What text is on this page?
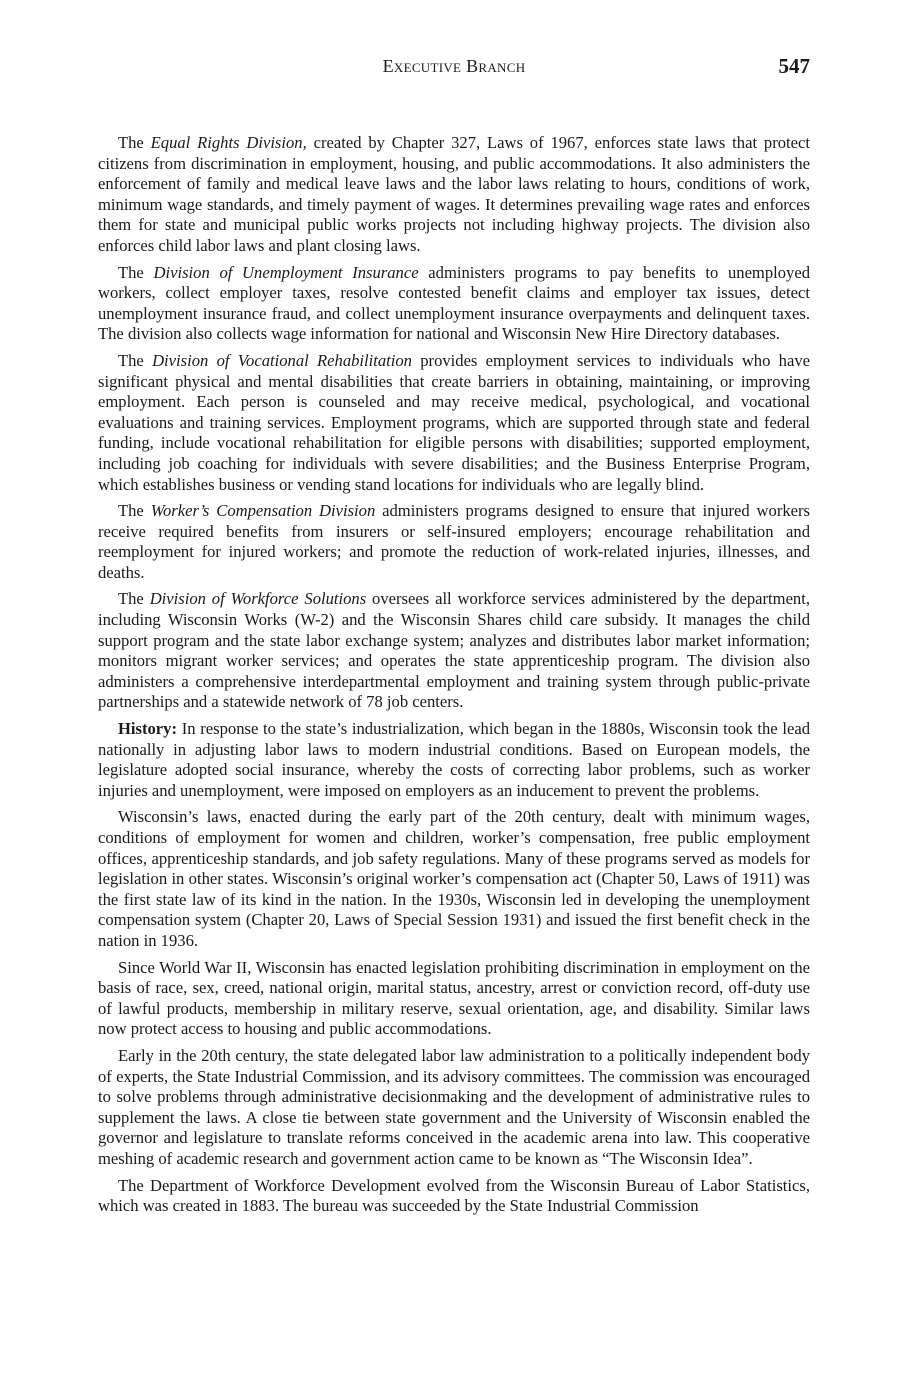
Executive Branch	547

The Equal Rights Division, created by Chapter 327, Laws of 1967, enforces state laws that protect citizens from discrimination in employment, housing, and public accommodations. It also administers the enforcement of family and medical leave laws and the labor laws relating to hours, conditions of work, minimum wage standards, and timely payment of wages. It determines prevailing wage rates and enforces them for state and municipal public works projects not including highway projects. The division also enforces child labor laws and plant closing laws.

The Division of Unemployment Insurance administers programs to pay benefits to unemployed workers, collect employer taxes, resolve contested benefit claims and employer tax issues, detect unemployment insurance fraud, and collect unemployment insurance overpayments and delinquent taxes. The division also collects wage information for national and Wisconsin New Hire Directory databases.

The Division of Vocational Rehabilitation provides employment services to individuals who have significant physical and mental disabilities that create barriers in obtaining, maintaining, or improving employment. Each person is counseled and may receive medical, psychological, and vocational evaluations and training services. Employment programs, which are supported through state and federal funding, include vocational rehabilitation for eligible persons with disabilities; supported employment, including job coaching for individuals with severe disabilities; and the Business Enterprise Program, which establishes business or vending stand locations for individuals who are legally blind.

The Worker’s Compensation Division administers programs designed to ensure that injured workers receive required benefits from insurers or self-insured employers; encourage rehabilitation and reemployment for injured workers; and promote the reduction of work-related injuries, illnesses, and deaths.

The Division of Workforce Solutions oversees all workforce services administered by the department, including Wisconsin Works (W-2) and the Wisconsin Shares child care subsidy. It manages the child support program and the state labor exchange system; analyzes and distributes labor market information; monitors migrant worker services; and operates the state apprenticeship program. The division also administers a comprehensive interdepartmental employment and training system through public-private partnerships and a statewide network of 78 job centers.

History: In response to the state’s industrialization, which began in the 1880s, Wisconsin took the lead nationally in adjusting labor laws to modern industrial conditions. Based on European models, the legislature adopted social insurance, whereby the costs of correcting labor problems, such as worker injuries and unemployment, were imposed on employers as an inducement to prevent the problems.

Wisconsin’s laws, enacted during the early part of the 20th century, dealt with minimum wages, conditions of employment for women and children, worker’s compensation, free public employment offices, apprenticeship standards, and job safety regulations. Many of these programs served as models for legislation in other states. Wisconsin’s original worker’s compensation act (Chapter 50, Laws of 1911) was the first state law of its kind in the nation. In the 1930s, Wisconsin led in developing the unemployment compensation system (Chapter 20, Laws of Special Session 1931) and issued the first benefit check in the nation in 1936.

Since World War II, Wisconsin has enacted legislation prohibiting discrimination in employment on the basis of race, sex, creed, national origin, marital status, ancestry, arrest or conviction record, off-duty use of lawful products, membership in military reserve, sexual orientation, age, and disability. Similar laws now protect access to housing and public accommodations.

Early in the 20th century, the state delegated labor law administration to a politically independent body of experts, the State Industrial Commission, and its advisory committees. The commission was encouraged to solve problems through administrative decisionmaking and the development of administrative rules to supplement the laws. A close tie between state government and the University of Wisconsin enabled the governor and legislature to translate reforms conceived in the academic arena into law. This cooperative meshing of academic research and government action came to be known as “The Wisconsin Idea”.

The Department of Workforce Development evolved from the Wisconsin Bureau of Labor Statistics, which was created in 1883. The bureau was succeeded by the State Industrial Commission
